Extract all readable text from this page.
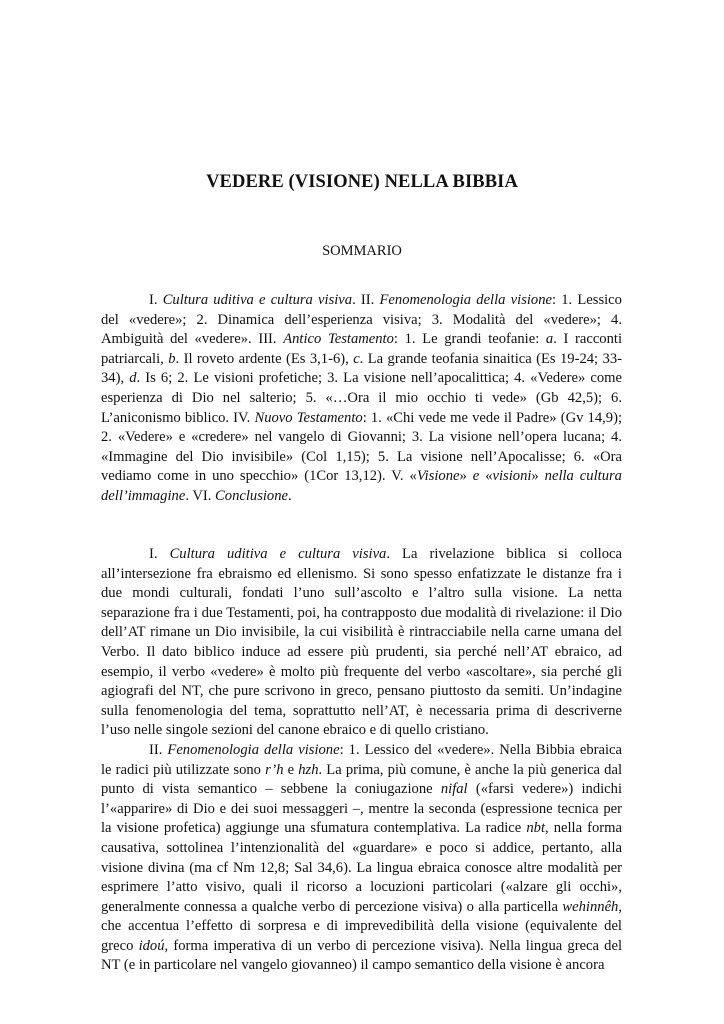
VEDERE (VISIONE) NELLA BIBBIA
SOMMARIO

I. Cultura uditiva e cultura visiva. II. Fenomenologia della visione: 1. Lessico del «vedere»; 2. Dinamica dell’esperienza visiva; 3. Modalità del «vedere»; 4. Ambiguità del «vedere». III. Antico Testamento: 1. Le grandi teofanie: a. I racconti patriarcali, b. Il roveto ardente (Es 3,1-6), c. La grande teofania sinaitica (Es 19-24; 33-34), d. Is 6; 2. Le visioni profetiche; 3. La visione nell’apocalittica; 4. «Vedere» come esperienza di Dio nel salterio; 5. «…Ora il mio occhio ti vede» (Gb 42,5); 6. L’aniconismo biblico. IV. Nuovo Testamento: 1. «Chi vede me vede il Padre» (Gv 14,9); 2. «Vedere» e «credere» nel vangelo di Giovanni; 3. La visione nell’opera lucana; 4. «Immagine del Dio invisibile» (Col 1,15); 5. La visione nell’Apocalisse; 6. «Ora vediamo come in uno specchio» (1Cor 13,12). V. «Visione» e «visioni» nella cultura dell’immagine. VI. Conclusione.

I. Cultura uditiva e cultura visiva. La rivelazione biblica si colloca all’intersezione fra ebraismo ed ellenismo. Si sono spesso enfatizzate le distanze fra i due mondi culturali, fondati l’uno sull’ascolto e l’altro sulla visione. La netta separazione fra i due Testamenti, poi, ha contrapposto due modalità di rivelazione: il Dio dell’AT rimane un Dio invisibile, la cui visibilità è rintracciabile nella carne umana del Verbo. Il dato biblico induce ad essere più prudenti, sia perché nell’AT ebraico, ad esempio, il verbo «vedere» è molto più frequente del verbo «ascoltare», sia perché gli agiografi del NT, che pure scrivono in greco, pensano piuttosto da semiti. Un’indagine sulla fenomenologia del tema, soprattutto nell’AT, è necessaria prima di descriverne l’uso nelle singole sezioni del canone ebraico e di quello cristiano.

II. Fenomenologia della visione: 1. Lessico del «vedere». Nella Bibbia ebraica le radici più utilizzate sono r’h e hzh. La prima, più comune, è anche la più generica dal punto di vista semantico – sebbene la coniugazione nifal («farsi vedere») indichi l’«apparire» di Dio e dei suoi messaggeri –, mentre la seconda (espressione tecnica per la visione profetica) aggiunge una sfumatura contemplativa. La radice nbt, nella forma causativa, sottolinea l’intenzionalità del «guardare» e poco si addice, pertanto, alla visione divina (ma cf Nm 12,8; Sal 34,6). La lingua ebraica conosce altre modalità per esprimere l’atto visivo, quali il ricorso a locuzioni particolari («alzare gli occhi», generalmente connessa a qualche verbo di percezione visiva) o alla particella wehinnêh, che accentua l’effetto di sorpresa e di imprevedibilità della visione (equivalente del greco idoú, forma imperativa di un verbo di percezione visiva). Nella lingua greca del NT (e in particolare nel vangelo giovanneo) il campo semantico della visione è ancora
